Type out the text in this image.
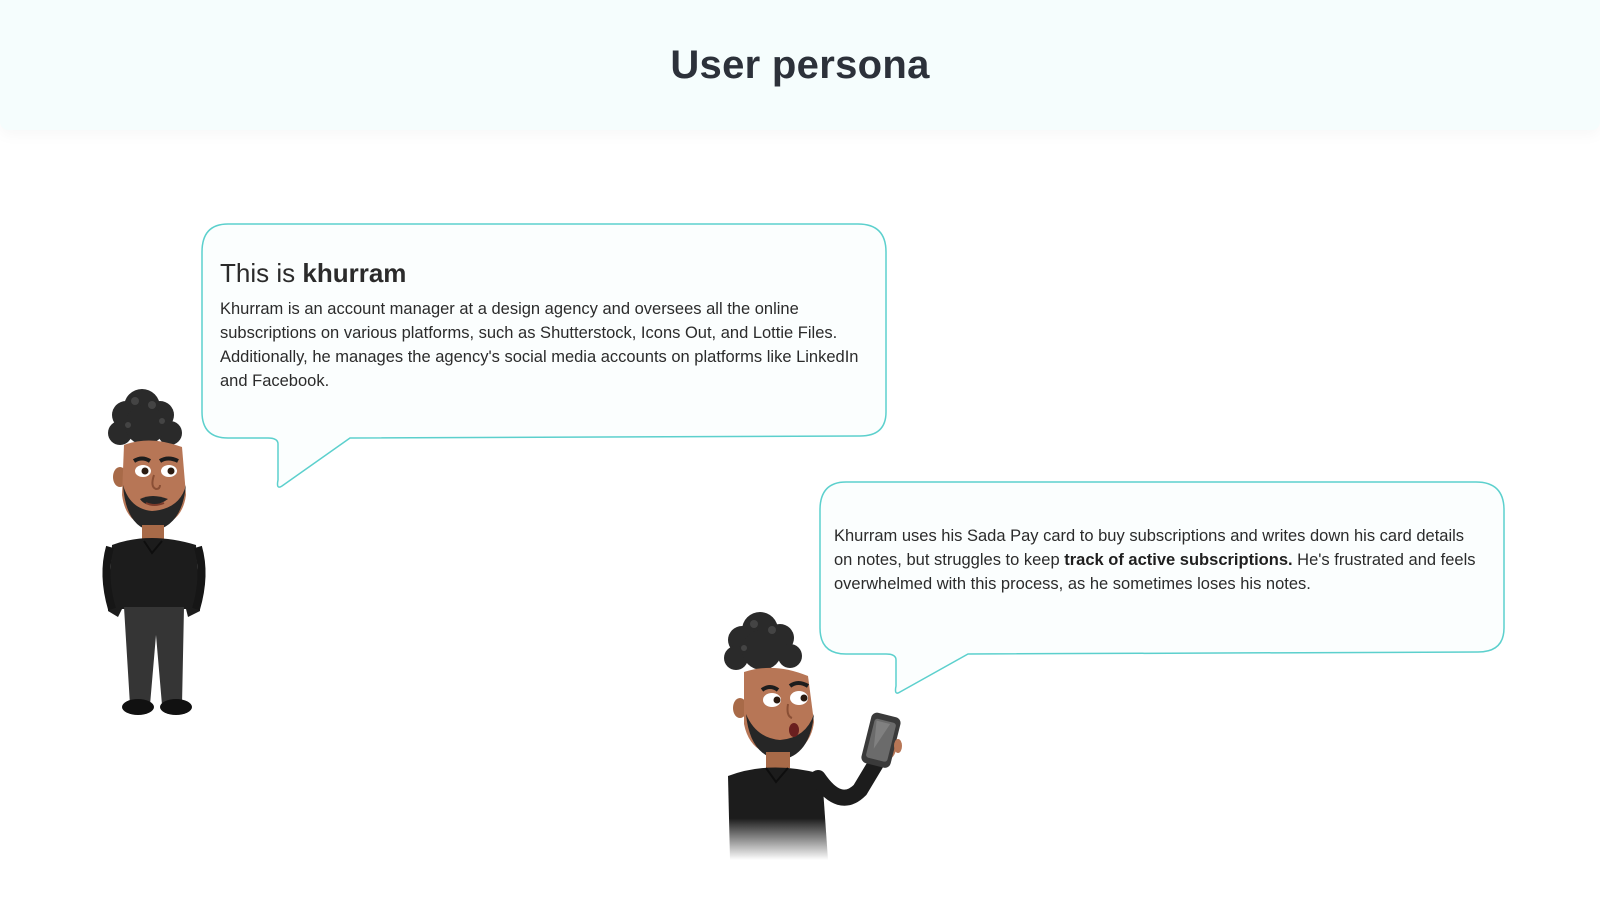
User persona
This is khurram

Khurram is an account manager at a design agency and oversees all the online subscriptions on various platforms, such as Shutterstock, Icons Out, and Lottie Files. Additionally, he manages the agency's social media accounts on platforms like LinkedIn and Facebook.

Khurram uses his Sada Pay card to buy subscriptions and writes down his card details on notes, but struggles to keep track of active subscriptions. He's frustrated and feels overwhelmed with this process, as he sometimes loses his notes.
